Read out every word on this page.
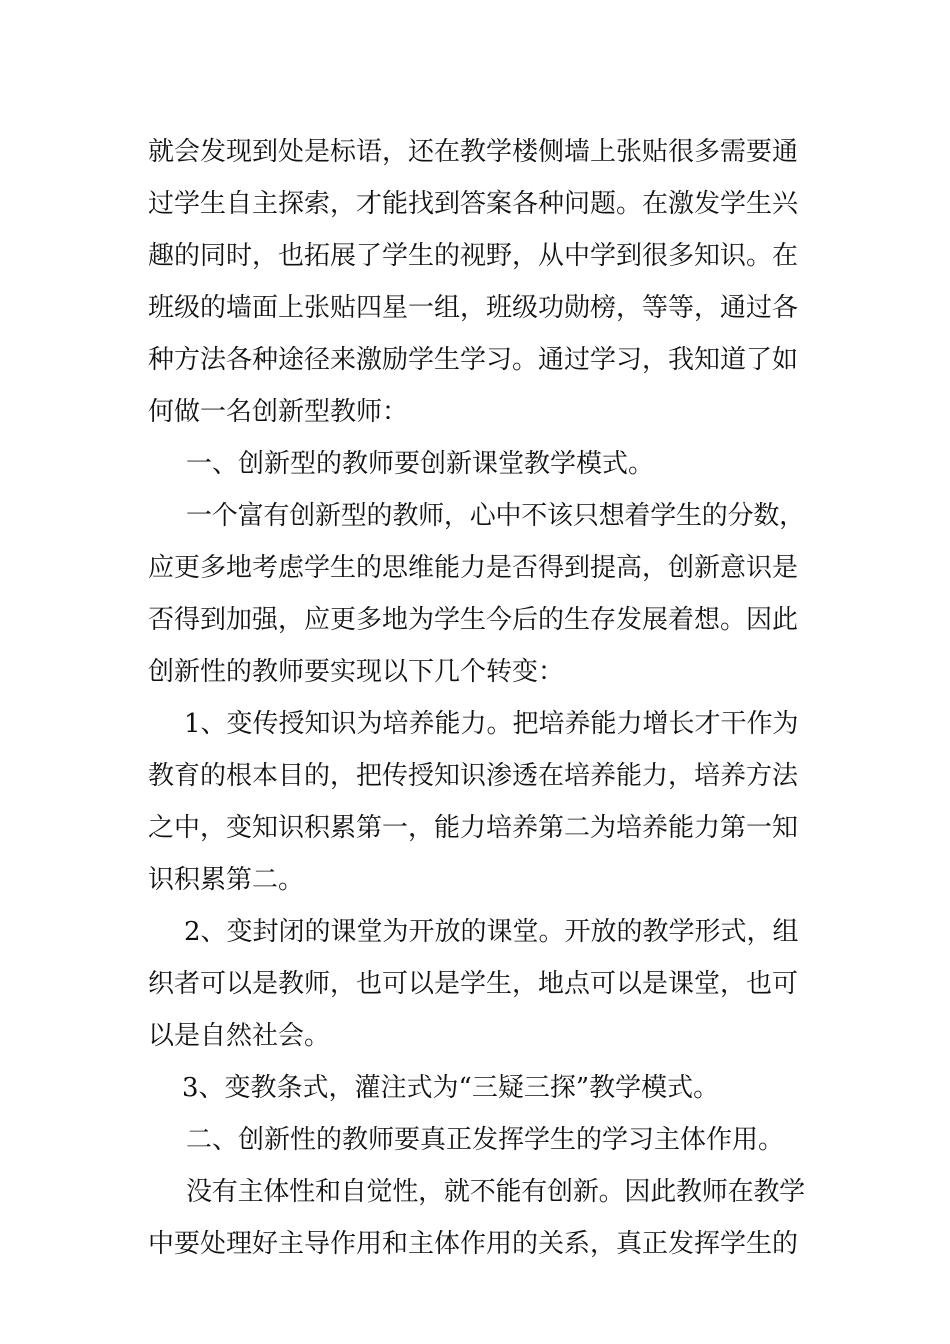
就会发现到处是标语，还在教学楼侧墙上张贴很多需要通
过学生自主探索，才能找到答案各种问题。在激发学生兴
趣的同时，也拓展了学生的视野，从中学到很多知识。在
班级的墙面上张贴四星一组，班级功勋榜，等等，通过各
种方法各种途径来激励学生学习。通过学习，我知道了如
何做一名创新型教师：
一、创新型的教师要创新课堂教学模式。
一个富有创新型的教师，心中不该只想着学生的分数，
应更多地考虑学生的思维能力是否得到提高，创新意识是
否得到加强，应更多地为学生今后的生存发展着想。因此
创新性的教师要实现以下几个转变：
1、变传授知识为培养能力。把培养能力增长才干作为
教育的根本目的，把传授知识渗透在培养能力，培养方法
之中，变知识积累第一，能力培养第二为培养能力第一知
识积累第二。
2、变封闭的课堂为开放的课堂。开放的教学形式，组
织者可以是教师，也可以是学生，地点可以是课堂，也可
以是自然社会。
3、变教条式，灌注式为“三疑三探”教学模式。
二、创新性的教师要真正发挥学生的学习主体作用。
没有主体性和自觉性，就不能有创新。因此教师在教学
中要处理好主导作用和主体作用的关系，真正发挥学生的
